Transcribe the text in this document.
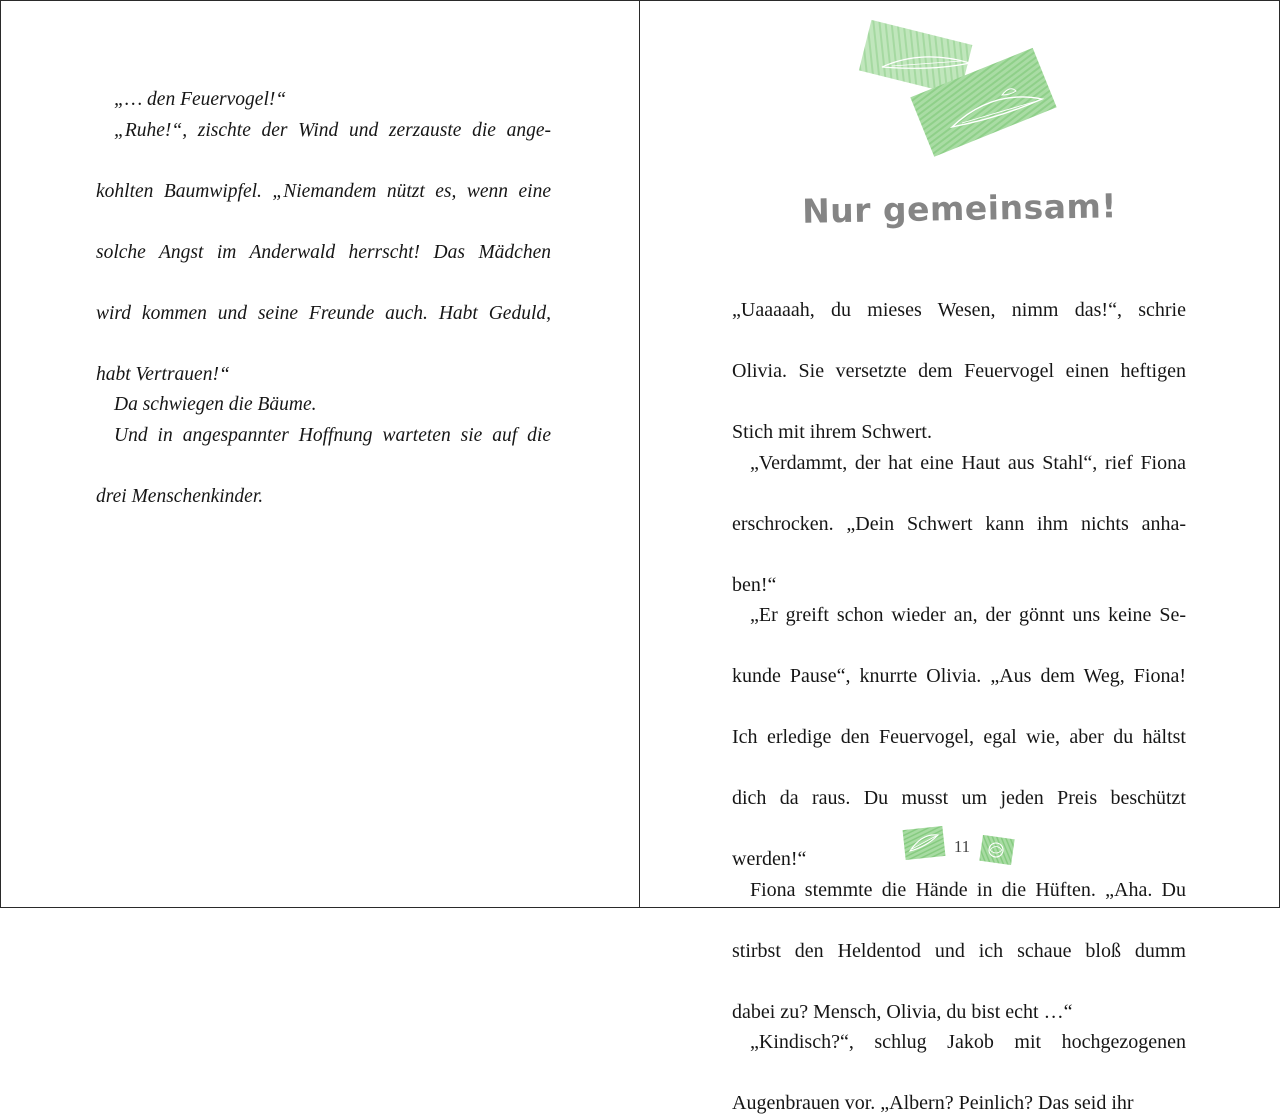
„… den Feuervogel!“

„Ruhe!“, zischte der Wind und zerzauste die ange-

kohlten Baumwipfel. „Niemandem nützt es, wenn eine

solche Angst im Anderwald herrscht! Das Mädchen

wird kommen und seine Freunde auch. Habt Geduld,

habt Vertrauen!“

Da schwiegen die Bäume.

Und in angespannter Hoffnung warteten sie auf die

drei Menschenkinder.

Nur gemeinsam!

„Uaaaaah, du mieses Wesen, nimm das!“, schrie

Olivia. Sie versetzte dem Feuervogel einen heftigen

Stich mit ihrem Schwert.

„Verdammt, der hat eine Haut aus Stahl“, rief Fiona

erschrocken. „Dein Schwert kann ihm nichts anha-

ben!“

„Er greift schon wieder an, der gönnt uns keine Se-

kunde Pause“, knurrte Olivia. „Aus dem Weg, Fiona!

Ich erledige den Feuervogel, egal wie, aber du hältst

dich da raus. Du musst um jeden Preis beschützt

werden!“

Fiona stemmte die Hände in die Hüften. „Aha. Du

stirbst den Heldentod und ich schaue bloß dumm

dabei zu? Mensch, Olivia, du bist echt …“

„Kindisch?“, schlug Jakob mit hochgezogenen

Augenbrauen vor. „Albern? Peinlich? Das seid ihr

11
